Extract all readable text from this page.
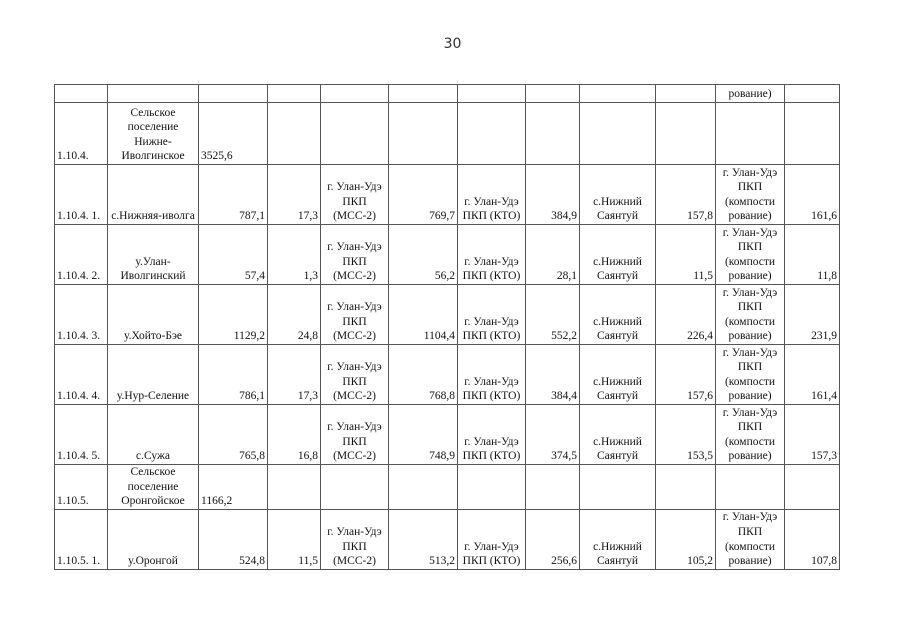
30
										рование)	
1.10.4.	Сельское поселение Нижне-Иволгинское	3525,6									
1.10.4. 1.	с.Нижняя-иволга	787,1	17,3	г. Улан-Удэ ПКП (МСС-2)	769,7	г. Улан-Удэ ПКП (КТО)	384,9	с.Нижний Саянтуй	157,8	г. Улан-Удэ ПКП (компости рование)	161,6
1.10.4. 2.	у.Улан-Иволгинский	57,4	1,3	г. Улан-Удэ ПКП (МСС-2)	56,2	г. Улан-Удэ ПКП (КТО)	28,1	с.Нижний Саянтуй	11,5	г. Улан-Удэ ПКП (компости рование)	11,8
1.10.4. 3.	у.Хойто-Бэе	1129,2	24,8	г. Улан-Удэ ПКП (МСС-2)	1104,4	г. Улан-Удэ ПКП (КТО)	552,2	с.Нижний Саянтуй	226,4	г. Улан-Удэ ПКП (компости рование)	231,9
1.10.4. 4.	у.Нур-Селение	786,1	17,3	г. Улан-Удэ ПКП (МСС-2)	768,8	г. Улан-Удэ ПКП (КТО)	384,4	с.Нижний Саянтуй	157,6	г. Улан-Удэ ПКП (компости рование)	161,4
1.10.4. 5.	с.Сужа	765,8	16,8	г. Улан-Удэ ПКП (МСС-2)	748,9	г. Улан-Удэ ПКП (КТО)	374,5	с.Нижний Саянтуй	153,5	г. Улан-Удэ ПКП (компости рование)	157,3
1.10.5.	Сельское поселение Оронгойское	1166,2									
1.10.5. 1.	у.Оронгой	524,8	11,5	г. Улан-Удэ ПКП (МСС-2)	513,2	г. Улан-Удэ ПКП (КТО)	256,6	с.Нижний Саянтуй	105,2	г. Улан-Удэ ПКП (компости рование)	107,8
